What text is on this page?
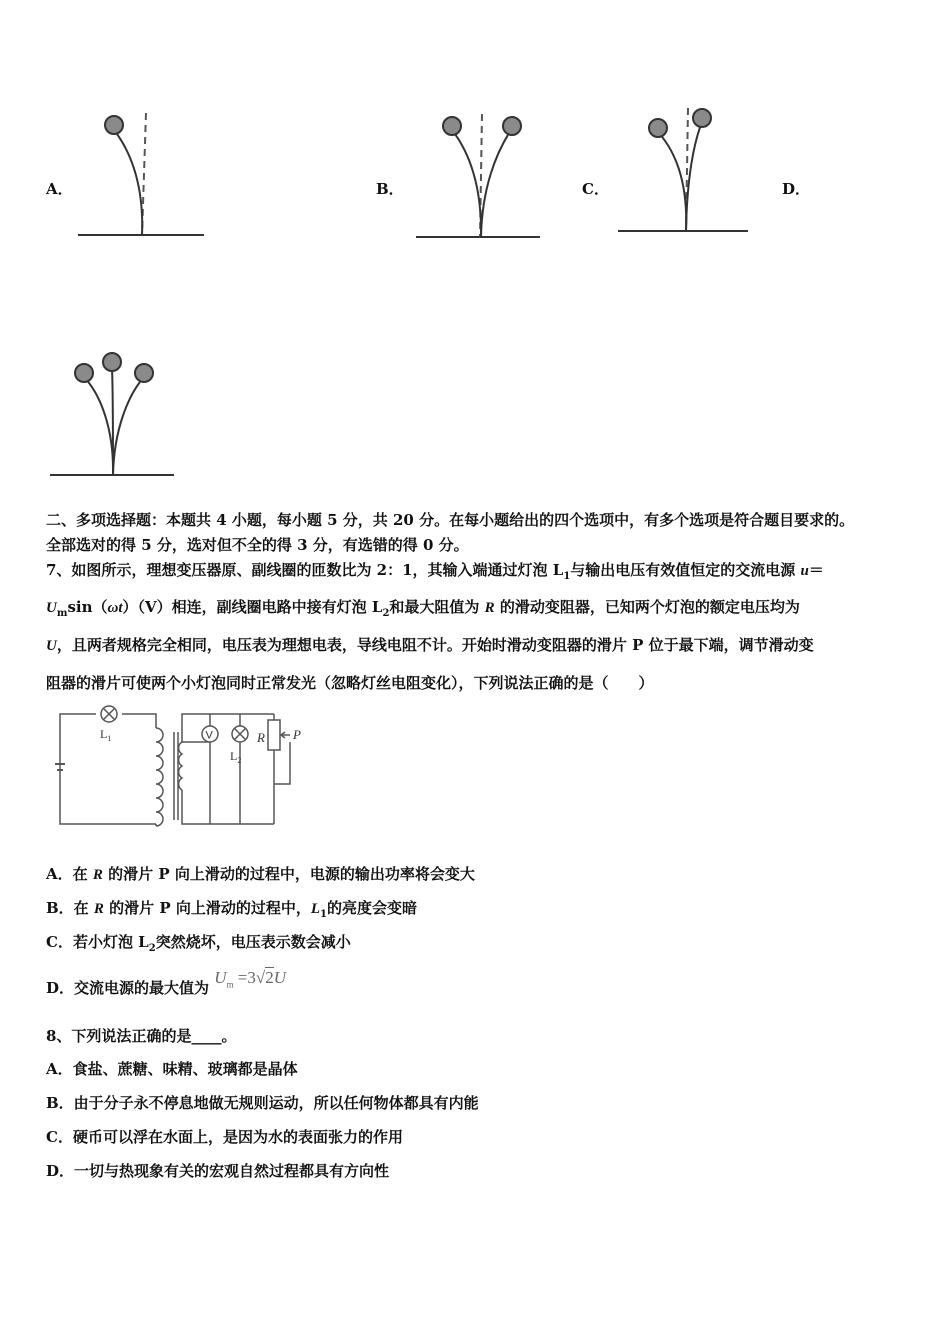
A．	B．	C．	D．
二、多项选择题：本题共 4 小题，每小题 5 分，共 20 分。在每小题给出的四个选项中，有多个选项是符合题目要求的。
全部选对的得 5 分，选对但不全的得 3 分，有选错的得 0 分。
7、如图所示，理想变压器原、副线圈的匝数比为 2：1，其输入端通过灯泡 $L_1$与输出电压有效值恒定的交流电源 u＝
$U_m\sin(\omega t)(V)$相连，副线圈电路中接有灯泡 $L_2$和最大阻值为 R 的滑动变阻器，已知两个灯泡的额定电压均为
U，且两者规格完全相同，电压表为理想电表，导线电阻不计。开始时滑动变阻器的滑片 P 位于最下端，调节滑动变
阻器的滑片可使两个小灯泡同时正常发光（忽略灯丝电阻变化），下列说法正确的是（　　）
$L_1$	V
$L_2$
R P
A．在 R 的滑片 P 向上滑动的过程中，电源的输出功率将会变大
B．在 R 的滑片 P 向上滑动的过程中，$L_1$的亮度会变暗
C．若小灯泡 $L_2$突然烧坏，电压表示数会减小
D．交流电源的最大值为 $U_m =3√2U$
8、下列说法正确的是____。
A．食盐、蔗糖、味精、玻璃都是晶体
B．由于分子永不停息地做无规则运动，所以任何物体都具有内能
C．硬币可以浮在水面上，是因为水的表面张力的作用
D．一切与热现象有关的宏观自然过程都具有方向性
